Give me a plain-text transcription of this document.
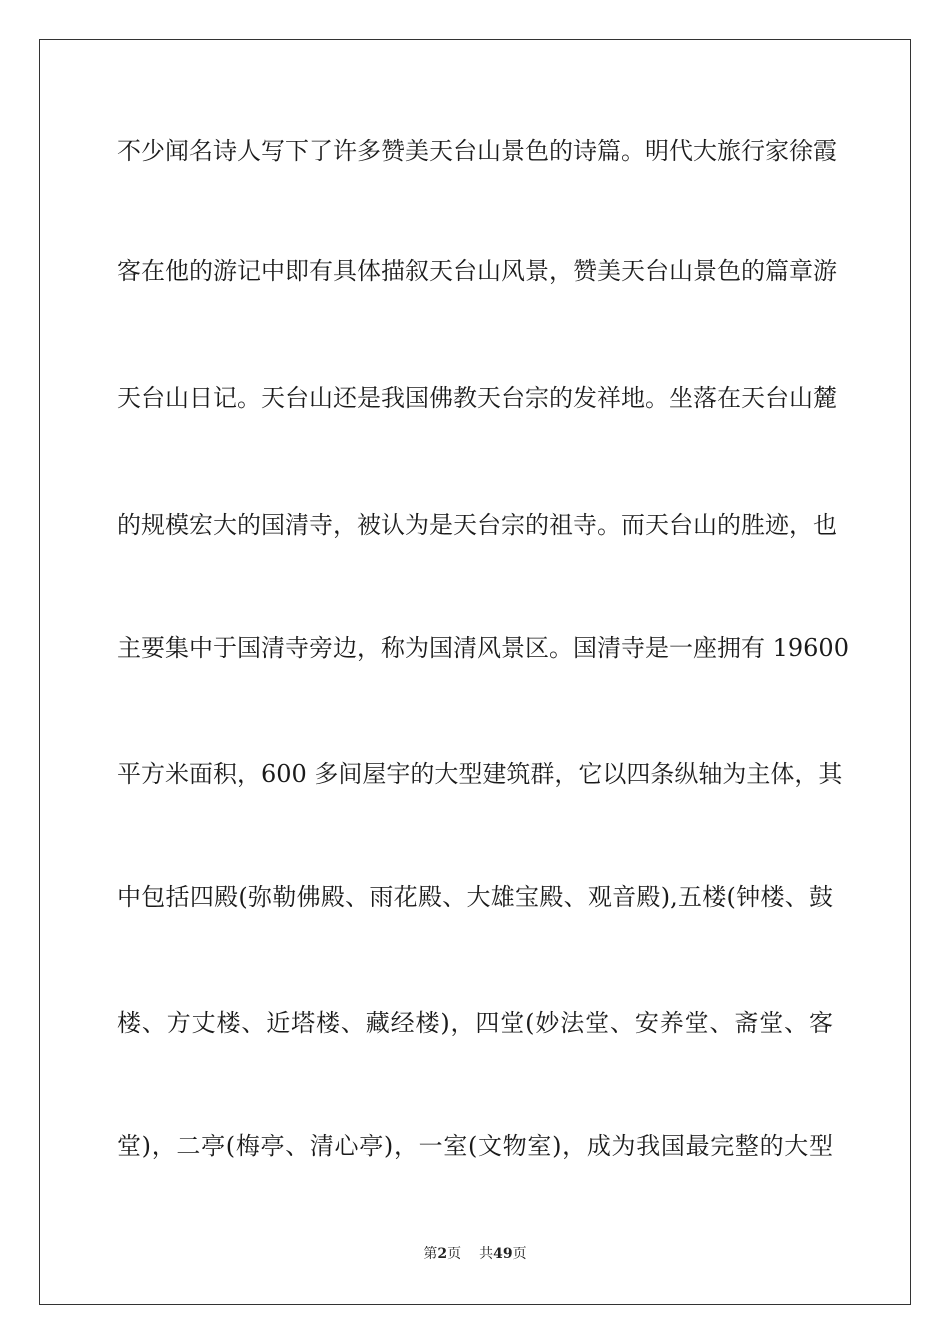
不少闻名诗人写下了许多赞美天台山景色的诗篇。明代大旅行家徐霞
客在他的游记中即有具体描叙天台山风景，赞美天台山景色的篇章游
天台山日记。天台山还是我国佛教天台宗的发祥地。坐落在天台山麓
的规模宏大的国清寺，被认为是天台宗的祖寺。而天台山的胜迹，也
主要集中于国清寺旁边，称为国清风景区。国清寺是一座拥有 19600
平方米面积，600 多间屋宇的大型建筑群，它以四条纵轴为主体，其
中包括四殿(弥勒佛殿、雨花殿、大雄宝殿、观音殿),五楼(钟楼、鼓
楼、方丈楼、近塔楼、藏经楼)，四堂(妙法堂、安养堂、斋堂、客
堂)，二亭(梅亭、清心亭)，一室(文物室)，成为我国最完整的大型
第2页 共49页
